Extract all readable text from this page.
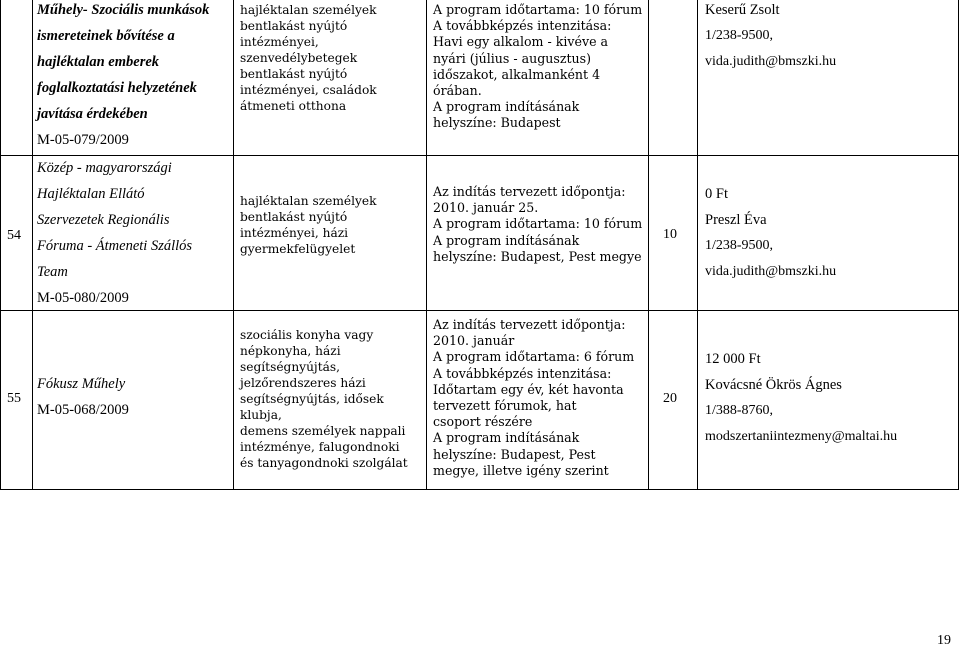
Műhely- Szociális munkások
ismereteinek bővítése a
hajléktalan emberek
foglalkoztatási helyzetének
javítása érdekében
M-05-079/2009
hajléktalan személyek
bentlakást nyújtó
intézményei,
szenvedélybetegek
bentlakást nyújtó
intézményei, családok
átmeneti otthona
A program időtartama: 10 fórum
A továbbképzés intenzitása:
Havi egy alkalom - kivéve a
nyári (július - augusztus)
időszakot, alkalmanként 4
órában.
A program indításának
helyszíne: Budapest
Keserű Zsolt
1/238-9500,
vida.judith@bmszki.hu
54
Közép - magyarországi
Hajléktalan Ellátó
Szervezetek Regionális
Fóruma - Átmeneti Szállós
Team
M-05-080/2009
hajléktalan személyek
bentlakást nyújtó
intézményei, házi
gyermekfelügyelet
Az indítás tervezett időpontja:
2010. január 25.
A program időtartama: 10 fórum
A program indításának
helyszíne: Budapest, Pest megye
10
0 Ft
Preszl Éva
1/238-9500,
vida.judith@bmszki.hu
55
Fókusz Műhely
M-05-068/2009
szociális konyha vagy
népkonyha, házi
segítségnyújtás,
jelzőrendszeres házi
segítségnyújtás, idősek
klubja,
demens személyek nappali
intézménye, falugondnoki
és tanyagondnoki szolgálat
Az indítás tervezett időpontja:
2010. január
A program időtartama: 6 fórum
A továbbképzés intenzitása:
Időtartam egy év, két havonta
tervezett fórumok, hat
csoport részére
A program indításának
helyszíne: Budapest, Pest
megye, illetve igény szerint
20
12 000 Ft
Kovácsné Ökrös Ágnes
1/388-8760,
modszertaniintezmeny@maltai.hu
19
